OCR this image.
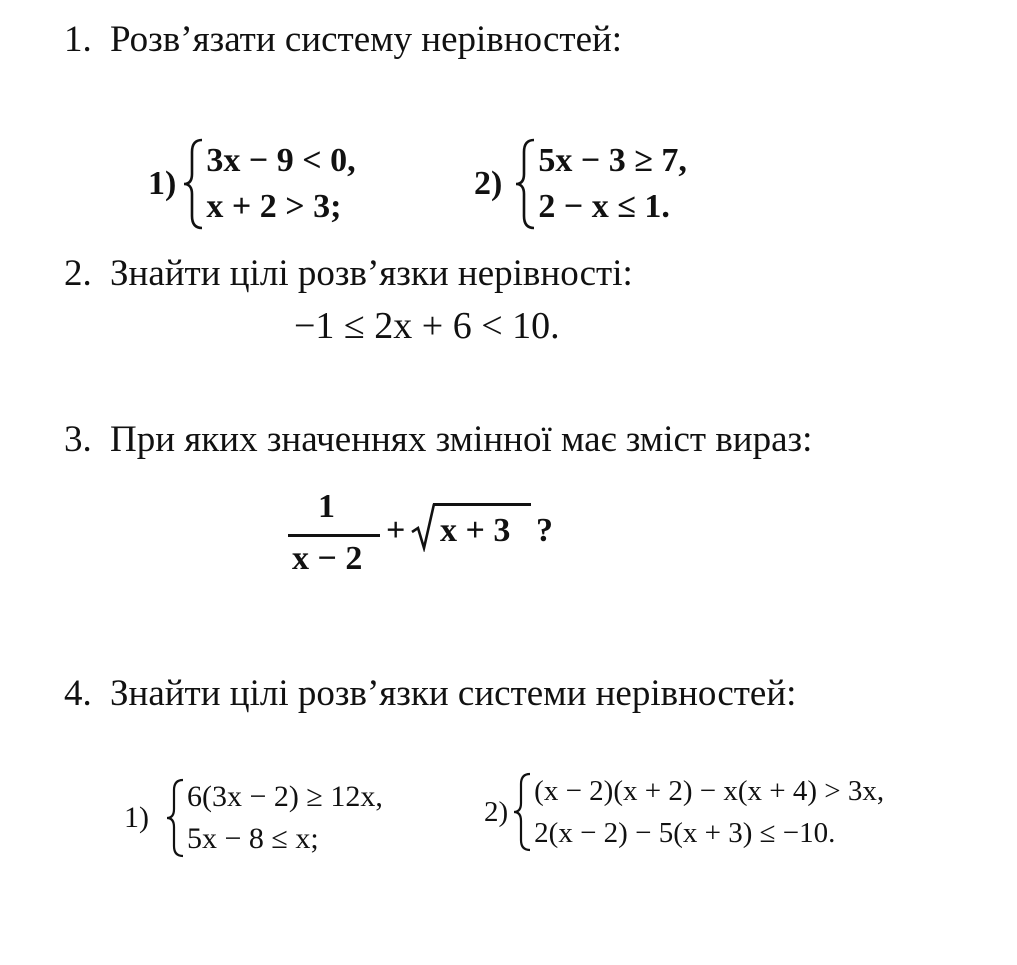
1. Розв’язати систему нерівностей:
2. Знайти цілі розв’язки нерівності:
3. При яких значеннях змінної має зміст вираз:
4. Знайти цілі розв’язки системи нерівностей:
1)
3x − 9 < 0,
x + 2 > 3;
2)
5x − 3 ≥ 7,
2 − x ≤ 1.
−1 ≤ 2x + 6 < 10.
1
x − 2
+ x + 3 ?
1)
6(3x − 2) ≥ 12x,
5x − 8 ≤ x;
2)
(x − 2)(x + 2) − x(x + 4) > 3x,
2(x − 2) − 5(x + 3) ≤ −10.
